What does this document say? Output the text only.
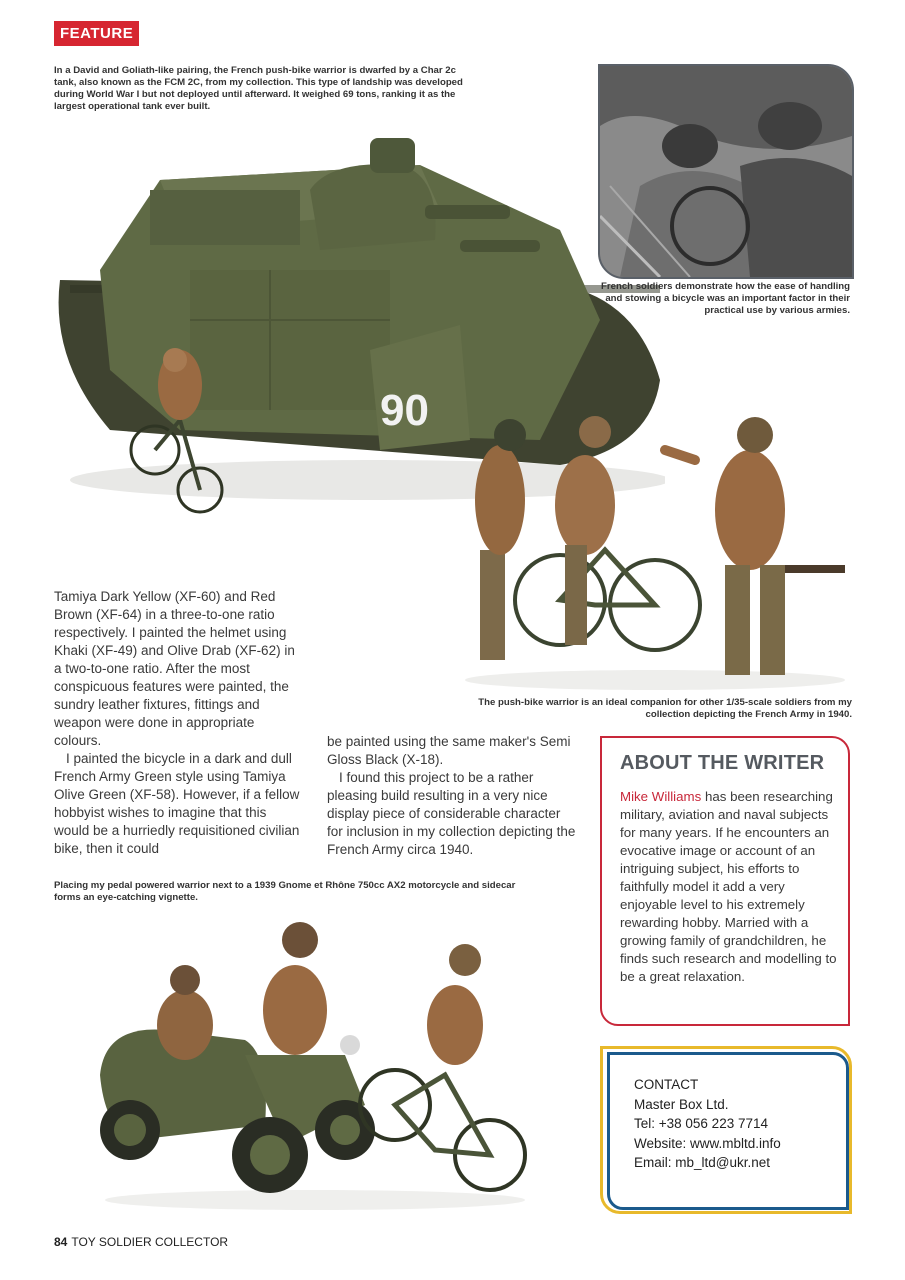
FEATURE
In a David and Goliath-like pairing, the French push-bike warrior is dwarfed by a Char 2c tank, also known as the FCM 2C, from my collection. This type of landship was developed during World War I but not deployed until afterward. It weighed 69 tons, ranking it as the largest operational tank ever built.
90
French soldiers demonstrate how the ease of handling and stowing a bicycle was an important factor in their practical use by various armies.
The push-bike warrior is an ideal companion for other 1/35-scale soldiers from my collection depicting the French Army in 1940.

Tamiya Dark Yellow (XF-60) and Red Brown (XF-64) in a three-to-one ratio respectively. I painted the helmet using Khaki (XF-49) and Olive Drab (XF-62) in a two-to-one ratio. After the most conspicuous features were painted, the sundry leather fixtures, fittings and weapon were done in appropriate colours.

I painted the bicycle in a dark and dull French Army Green style using Tamiya Olive Green (XF-58). However, if a fellow hobbyist wishes to imagine that this would be a hurriedly requisitioned civilian bike, then it could

be painted using the same maker's Semi Gloss Black (X-18).

I found this project to be a rather pleasing build resulting in a very nice display piece of considerable character for inclusion in my collection depicting the French Army circa 1940.

ABOUT THE WRITER
Mike Williams has been researching military, aviation and naval subjects for many years. If he encounters an evocative image or account of an intriguing subject, his efforts to faithfully model it add a very enjoyable level to his extremely rewarding hobby. Married with a growing family of grandchildren, he finds such research and modelling to be a great relaxation.
Placing my pedal powered warrior next to a 1939 Gnome et Rhône 750cc AX2 motorcycle and sidecar forms an eye-catching vignette.
CONTACT
Master Box Ltd.
Tel: +38 056 223 7714
Website: www.mbltd.info
Email: mb_ltd@ukr.net
84 TOY SOLDIER COLLECTOR
